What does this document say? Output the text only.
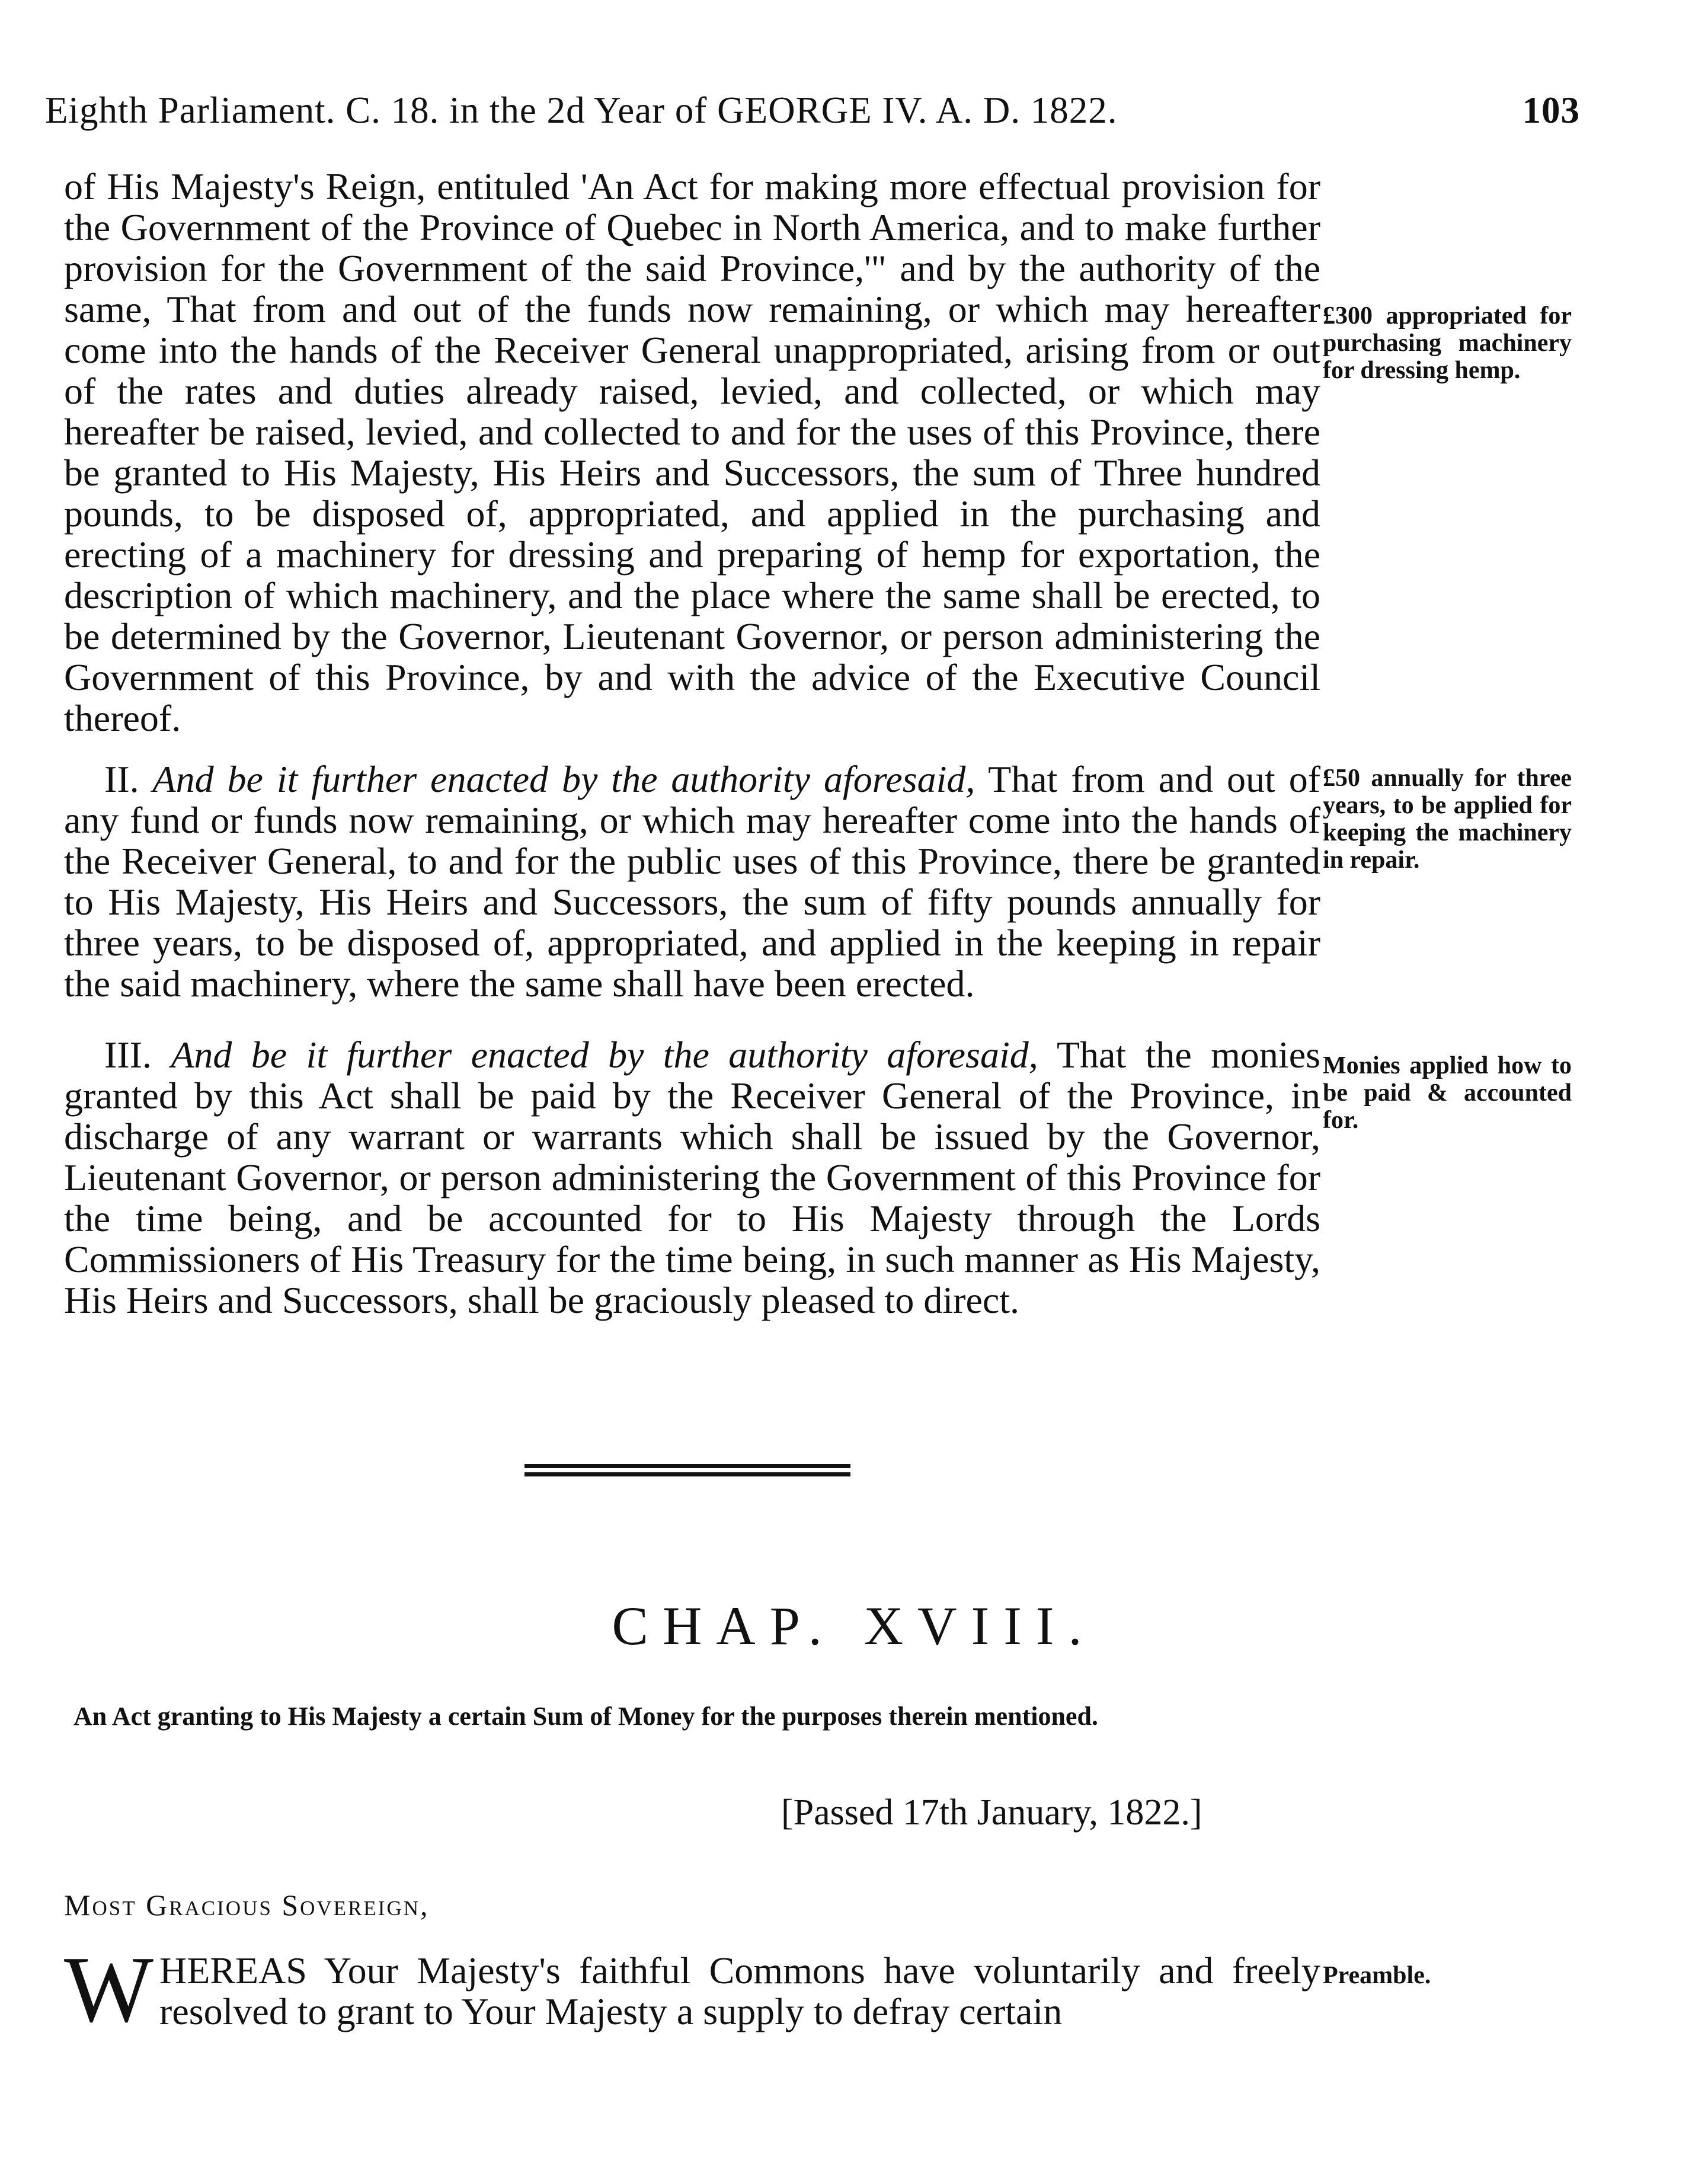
Eighth Parliament. C. 18. in the 2d Year of GEORGE IV. A. D. 1822.	103

of His Majesty's Reign, entituled 'An Act for making more effectual provision for the Government of the Province of Quebec in North America, and to make further provision for the Government of the said Province,'" and by the authority of the same, That from and out of the funds now remaining, or which may hereafter come into the hands of the Receiver General unappropriated, arising from or out of the rates and duties already raised, levied, and collected, or which may hereafter be raised, levied, and collected to and for the uses of this Province, there be granted to His Majesty, His Heirs and Successors, the sum of Three hundred pounds, to be disposed of, appropriated, and applied in the purchasing and erecting of a machinery for dressing and preparing of hemp for exportation, the description of which machinery, and the place where the same shall be erected, to be determined by the Governor, Lieutenant Governor, or person administering the Government of this Province, by and with the advice of the Executive Council thereof.

£300 appropriated for purchasing machinery for dressing hemp.

II. And be it further enacted by the authority aforesaid, That from and out of any fund or funds now remaining, or which may hereafter come into the hands of the Receiver General, to and for the public uses of this Province, there be granted to His Majesty, His Heirs and Successors, the sum of fifty pounds annually for three years, to be disposed of, appropriated, and applied in the keeping in repair the said machinery, where the same shall have been erected.

£50 annually for three years, to be applied for keeping the machinery in repair.

III. And be it further enacted by the authority aforesaid, That the monies granted by this Act shall be paid by the Receiver General of the Province, in discharge of any warrant or warrants which shall be issued by the Governor, Lieutenant Governor, or person administering the Government of this Province for the time being, and be accounted for to His Majesty through the Lords Commissioners of His Treasury for the time being, in such manner as His Majesty, His Heirs and Successors, shall be graciously pleased to direct.

Monies applied how to be paid & accounted for.
CHAP. XVIII.
An Act granting to His Majesty a certain Sum of Money for the purposes therein mentioned.
[Passed 17th January, 1822.]
Most Gracious Sovereign,
W HEREAS Your Majesty's faithful Commons have voluntarily and freely resolved to grant to Your Majesty a supply to defray certain
Preamble.
